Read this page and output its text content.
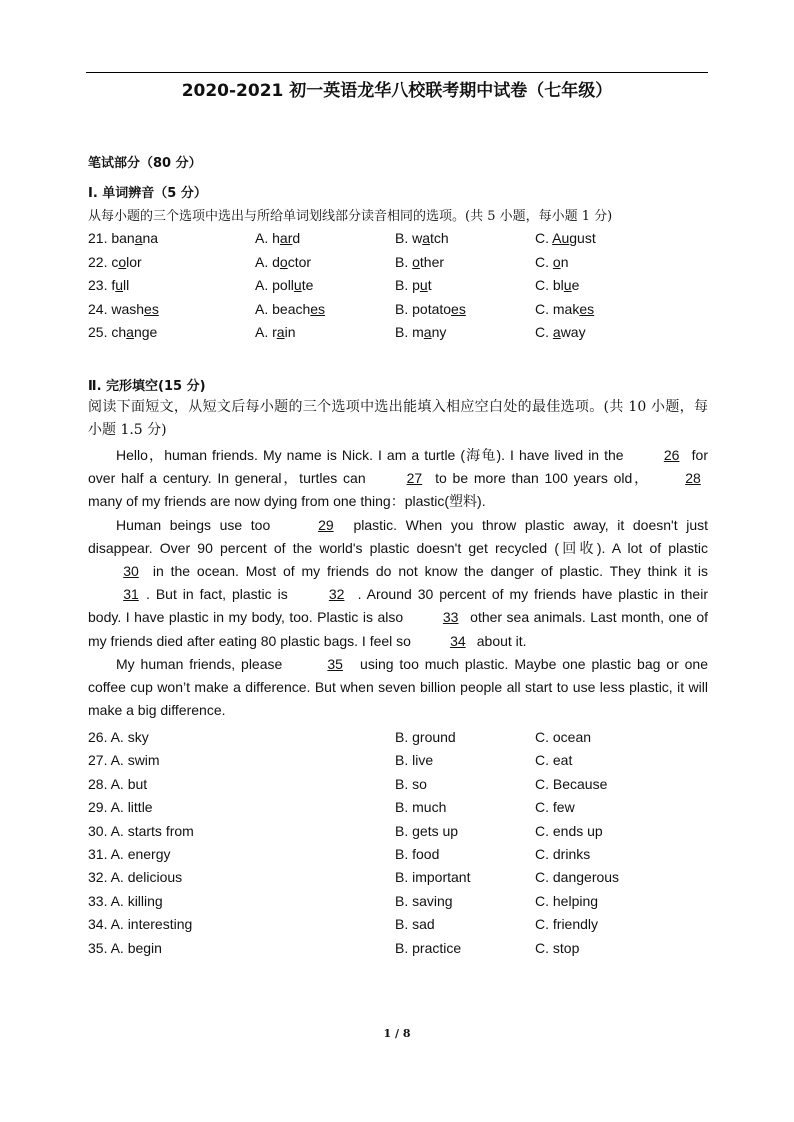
2020-2021 初一英语龙华八校联考期中试卷（七年级）
笔试部分（80 分）
Ⅰ. 单词辨音（5 分）
从每小题的三个选项中选出与所给单词划线部分读音相同的选项。(共 5 小题，每小题 1 分)
21. banana	A. hard	B. watch	C. August
22. color	A. doctor	B. other	C. on
23. full	A. pollute	B. put	C. blue
24. washes	A. beaches	B. potatoes	C. makes
25. change	A. rain	B. many	C. away
Ⅱ. 完形填空(15 分)

阅读下面短文，从短文后每小题的三个选项中选出能填入相应空白处的最佳选项。(共 10 小题，每小题 1.5 分)

Hello，human friends. My name is Nick. I am a turtle (海龟). I have lived in the	26 for over half a century. In general，turtles can	27 to be more than 100 years old，	28 many of my friends are now dying from one thing：plastic(塑料).

Human beings use too	29 plastic. When you throw plastic away, it doesn't just disappear. Over 90 percent of the world's plastic doesn't get recycled (回收). A lot of plastic 30 in the ocean. Most of my friends do not know the danger of plastic. They think it is 31 . But in fact, plastic is	32 . Around 30 percent of my friends have plastic in their body. I have plastic in my body, too. Plastic is also	33 other sea animals. Last month, one of my friends died after eating 80 plastic bags. I feel so	34 about it.

My human friends, please	35 using too much plastic. Maybe one plastic bag or one coffee cup won’t make a difference. But when seven billion people all start to use less plastic, it will make a big difference.

26. A. sky	B. ground	C. ocean
27. A. swim	B. live	C. eat
28. A. but	B. so	C. Because
29. A. little	B. much	C. few
30. A. starts from	B. gets up	C. ends up
31. A. energy	B. food	C. drinks
32. A. delicious	B. important	C. dangerous
33. A. killing	B. saving	C. helping
34. A. interesting	B. sad	C. friendly
35. A. begin	B. practice	C. stop
1 / 8
